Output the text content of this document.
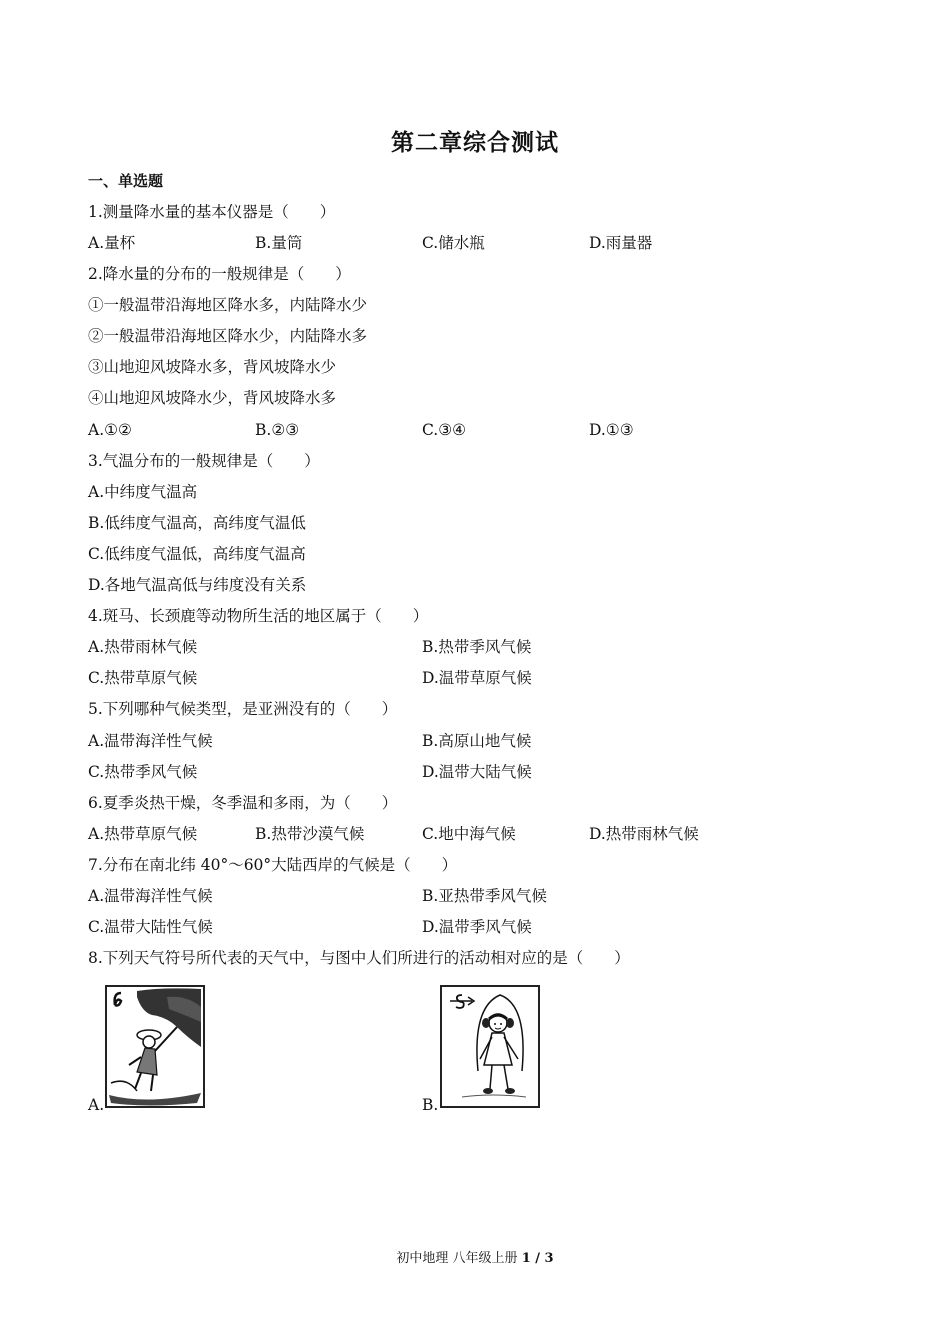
第二章综合测试
一、单选题
1.测量降水量的基本仪器是（　　）
A.量杯	B.量筒	C.储水瓶	D.雨量器
2.降水量的分布的一般规律是（　　）
①一般温带沿海地区降水多，内陆降水少
②一般温带沿海地区降水少，内陆降水多
③山地迎风坡降水多，背风坡降水少
④山地迎风坡降水少，背风坡降水多
A.①②	B.②③	C.③④	D.①③
3.气温分布的一般规律是（　　）
A.中纬度气温高
B.低纬度气温高，高纬度气温低
C.低纬度气温低，高纬度气温高
D.各地气温高低与纬度没有关系
4.斑马、长颈鹿等动物所生活的地区属于（　　）
A.热带雨林气候	B.热带季风气候
C.热带草原气候	D.温带草原气候
5.下列哪种气候类型，是亚洲没有的（　　）
A.温带海洋性气候	B.高原山地气候
C.热带季风气候	D.温带大陆气候
6.夏季炎热干燥，冬季温和多雨，为（　　）
A.热带草原气候	B.热带沙漠气候	C.地中海气候	D.热带雨林气候
7.分布在南北纬 40°～60°大陆西岸的气候是（　　）
A.温带海洋性气候	B.亚热带季风气候
C.温带大陆性气候	D.温带季风气候
8.下列天气符号所代表的天气中，与图中人们所进行的活动相对应的是（　　）
A.	B.
初中地理 八年级上册 1 / 3
